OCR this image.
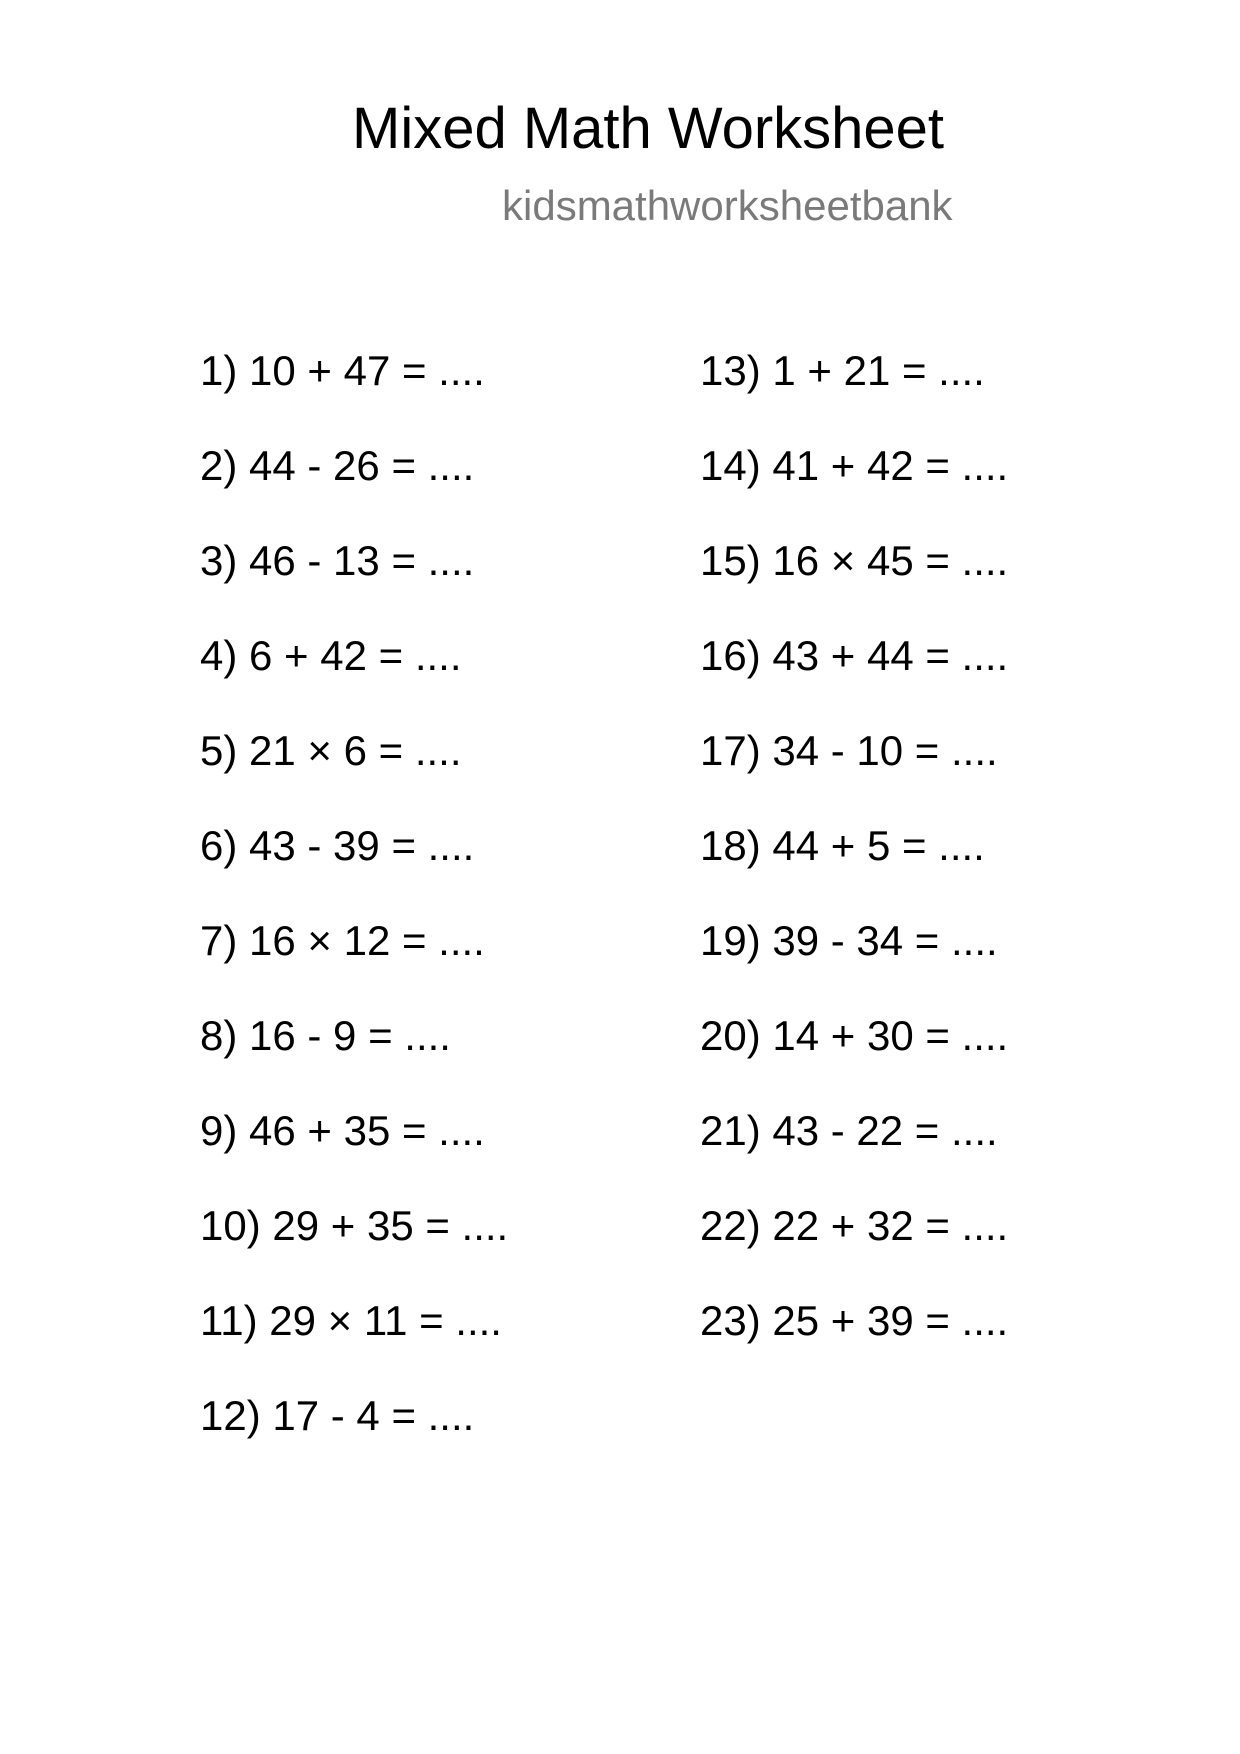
Mixed Math Worksheet
kidsmathworksheetbank
1) 10 + 47 = ....
2) 44 - 26 = ....
3) 46 - 13 = ....
4) 6 + 42 = ....
5) 21 × 6 = ....
6) 43 - 39 = ....
7) 16 × 12 = ....
8) 16 - 9 = ....
9) 46 + 35 = ....
10) 29 + 35 = ....
11) 29 × 11 = ....
12) 17 - 4 = ....
13) 1 + 21 = ....
14) 41 + 42 = ....
15) 16 × 45 = ....
16) 43 + 44 = ....
17) 34 - 10 = ....
18) 44 + 5 = ....
19) 39 - 34 = ....
20) 14 + 30 = ....
21) 43 - 22 = ....
22) 22 + 32 = ....
23) 25 + 39 = ....
